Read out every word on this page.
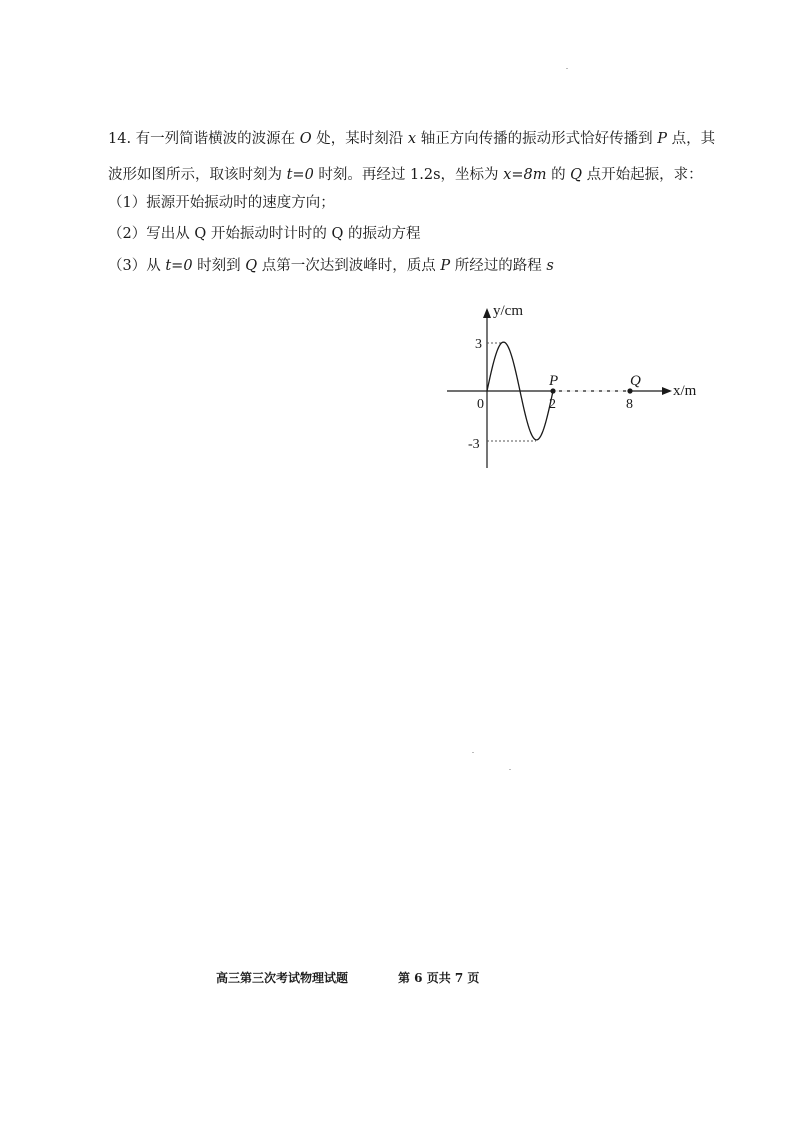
14. 有一列简谐横波的波源在 O 处，某时刻沿 x 轴正方向传播的振动形式恰好传播到 P 点，其
波形如图所示，取该时刻为 t=0 时刻。再经过 1.2s，坐标为 x=8m 的 Q 点开始起振，求：
（1）振源开始振动时的速度方向；
（2）写出从 Q 开始振动时计时的 Q 的振动方程
（3）从 t=0 时刻到 Q 点第一次达到波峰时，质点 P 所经过的路程 s
y/cm
x/m
3
-3
0	2	8
P	Q
高三第三次考试物理试题	第 6 页共 7 页
